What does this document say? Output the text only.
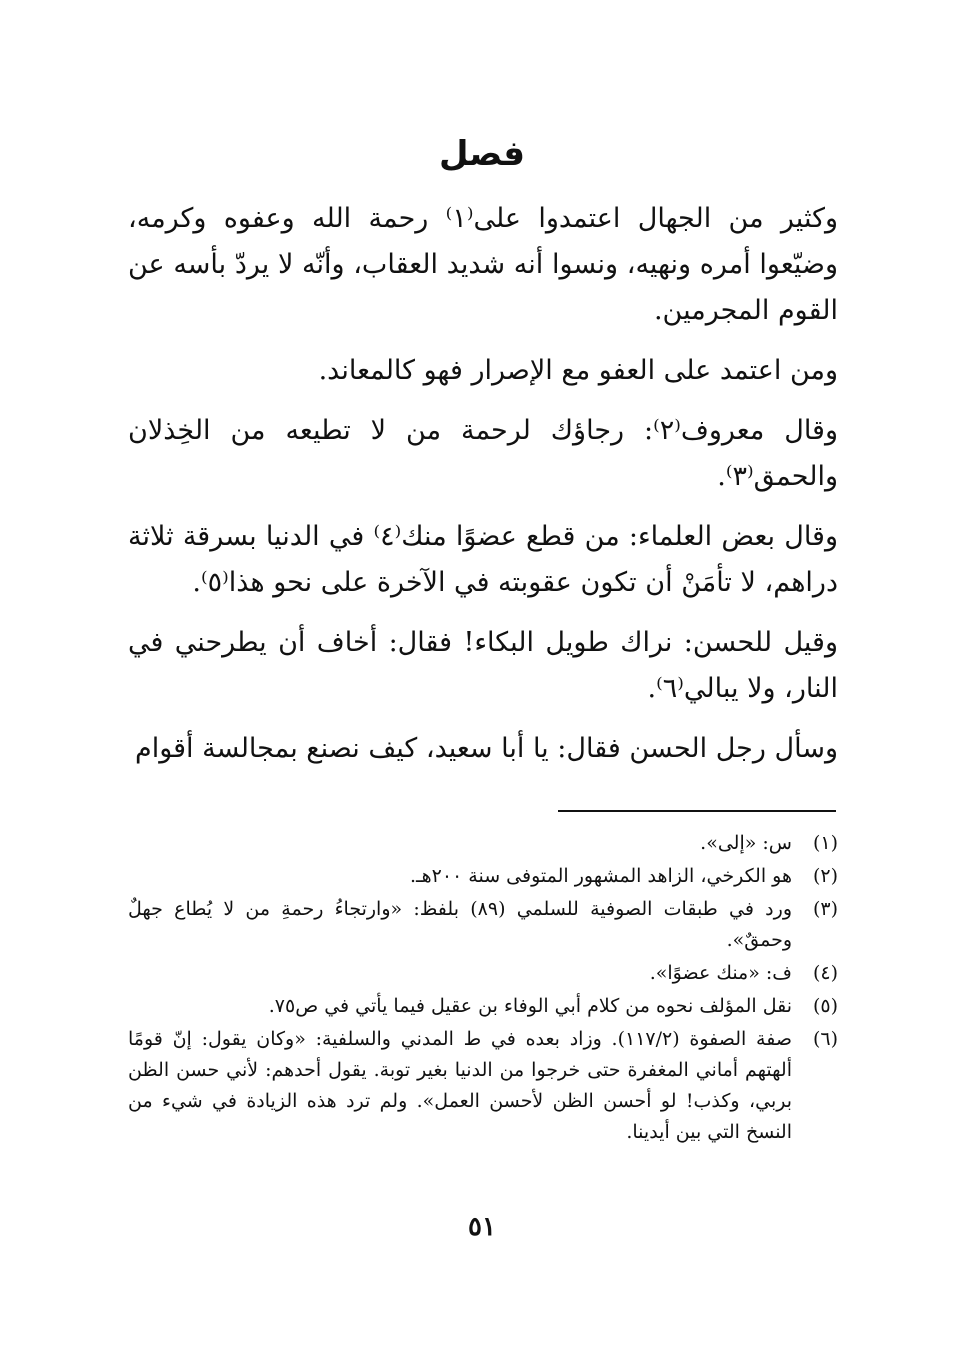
فصل

وكثير من الجهال اعتمدوا على⁽١⁾ رحمة الله وعفوه وكرمه، وضيّعوا أمره ونهيه، ونسوا أنه شديد العقاب، وأنّه لا يردّ بأسه عن القوم المجرمين.

ومن اعتمد على العفو مع الإصرار فهو كالمعاند.

وقال معروف⁽٢⁾: رجاؤك لرحمة من لا تطيعه من الخِذلان والحمق⁽٣⁾.

وقال بعض العلماء: من قطع عضوًا منك⁽٤⁾ في الدنيا بسرقة ثلاثة دراهم، لا تأمَنْ أن تكون عقوبته في الآخرة على نحو هذا⁽٥⁾.

وقيل للحسن: نراك طويل البكاء! فقال: أخاف أن يطرحني في النار، ولا يبالي⁽٦⁾.

وسأل رجل الحسن فقال: يا أبا سعيد، كيف نصنع بمجالسة أقوام

(١)
س: «إلى».
(٢)
هو الكرخي، الزاهد المشهور المتوفى سنة ٢٠٠هـ.
(٣)
ورد في طبقات الصوفية للسلمي (٨٩) بلفظ: «وارتجاءُ رحمةِ من لا يُطاع جهلٌ وحمقٌ».
(٤)
ف: «منك عضوًا».
(٥)
نقل المؤلف نحوه من كلام أبي الوفاء بن عقيل فيما يأتي في ص٧٥.
(٦)
صفة الصفوة (١١٧/٢). وزاد بعده في ط المدني والسلفية: «وكان يقول: إنّ قومًا ألهتهم أماني المغفرة حتى خرجوا من الدنيا بغير توبة. يقول أحدهم: لأني حسن الظن بربي، وكذب! لو أحسن الظن لأحسن العمل». ولم ترد هذه الزيادة في شيء من النسخ التي بين أيدينا.
٥١
